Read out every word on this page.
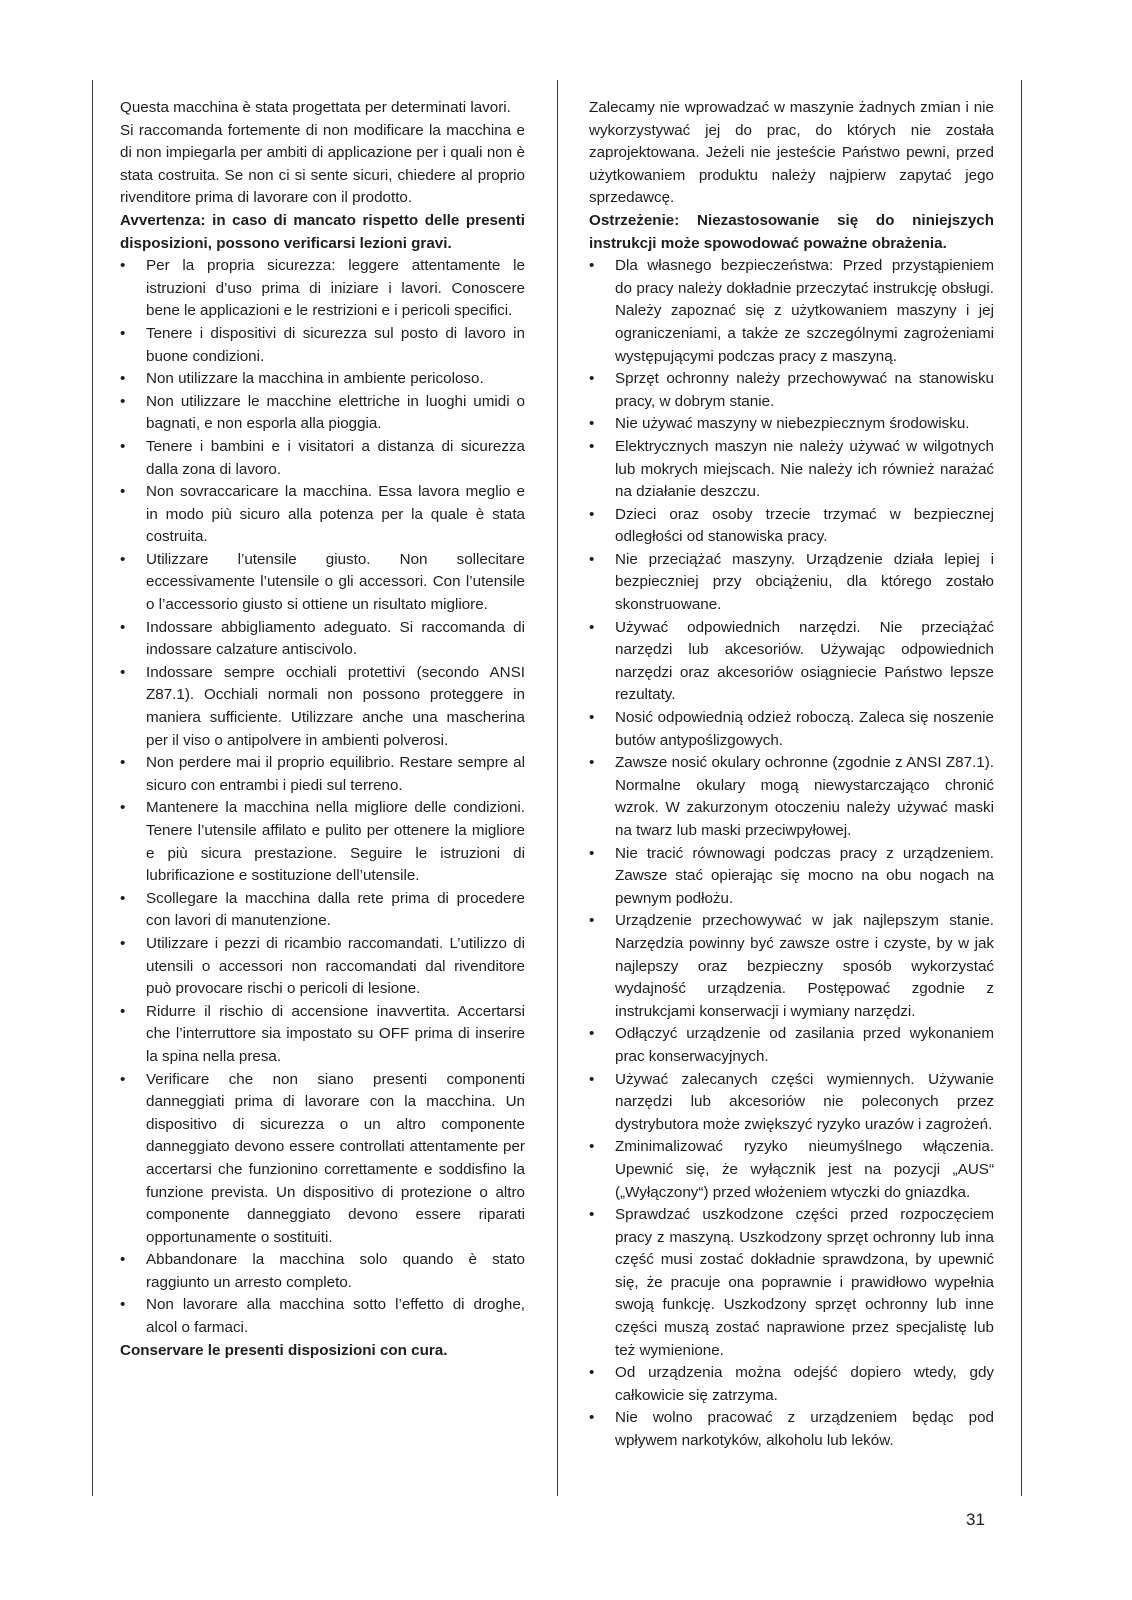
Questa macchina è stata progettata per determinati lavori.

Si raccomanda fortemente di non modificare la macchina e di non impiegarla per ambiti di applicazione per i quali non è stata costruita. Se non ci si sente sicuri, chiedere al proprio rivenditore prima di lavorare con il prodotto.

Avvertenza: in caso di mancato rispetto delle presenti disposizioni, possono verificarsi lezioni gravi.

• Per la propria sicurezza: leggere attentamente le istruzioni d’uso prima di iniziare i lavori. Conoscere bene le applicazioni e le restrizioni e i pericoli specifici.
• Tenere i dispositivi di sicurezza sul posto di lavoro in buone condizioni.
• Non utilizzare la macchina in ambiente pericoloso.
• Non utilizzare le macchine elettriche in luoghi umidi o bagnati, e non esporla alla pioggia.
• Tenere i bambini e i visitatori a distanza di sicurezza dalla zona di lavoro.
• Non sovraccaricare la macchina. Essa lavora meglio e in modo più sicuro alla potenza per la quale è stata costruita.
• Utilizzare l’utensile giusto. Non sollecitare eccessivamente l’utensile o gli accessori. Con l’utensile o l’accessorio giusto si ottiene un risultato migliore.
• Indossare abbigliamento adeguato. Si raccomanda di indossare calzature antiscivolo.
• Indossare sempre occhiali protettivi (secondo ANSI Z87.1). Occhiali normali non possono proteggere in maniera sufficiente. Utilizzare anche una mascherina per il viso o antipolvere in ambienti polverosi.
• Non perdere mai il proprio equilibrio. Restare sempre al sicuro con entrambi i piedi sul terreno.
• Mantenere la macchina nella migliore delle condizioni. Tenere l’utensile affilato e pulito per ottenere la migliore e più sicura prestazione. Seguire le istruzioni di lubrificazione e sostituzione dell’utensile.
• Scollegare la macchina dalla rete prima di procedere con lavori di manutenzione.
• Utilizzare i pezzi di ricambio raccomandati. L’utilizzo di utensili o accessori non raccomandati dal rivenditore può provocare rischi o pericoli di lesione.
• Ridurre il rischio di accensione inavvertita. Accertarsi che l’interruttore sia impostato su OFF prima di inserire la spina nella presa.
• Verificare che non siano presenti componenti danneggiati prima di lavorare con la macchina. Un dispositivo di sicurezza o un altro componente danneggiato devono essere controllati attentamente per accertarsi che funzionino correttamente e soddisfino la funzione prevista. Un dispositivo di protezione o altro componente danneggiato devono essere riparati opportunamente o sostituiti.
• Abbandonare la macchina solo quando è stato raggiunto un arresto completo.
• Non lavorare alla macchina sotto l’effetto di droghe, alcol o farmaci.

Conservare le presenti disposizioni con cura.

Zalecamy nie wprowadzać w maszynie żadnych zmian i nie wykorzystywać jej do prac, do których nie została zaprojektowana. Jeżeli nie jesteście Państwo pewni, przed użytkowaniem produktu należy najpierw zapytać jego sprzedawcę.

Ostrzeżenie: Niezastosowanie się do niniejszych instrukcji może spowodować poważne obrażenia.

• Dla własnego bezpieczeństwa: Przed przystąpieniem do pracy należy dokładnie przeczytać instrukcję obsługi. Należy zapoznać się z użytkowaniem maszyny i jej ograniczeniami, a także ze szczególnymi zagrożeniami występującymi podczas pracy z maszyną.
• Sprzęt ochronny należy przechowywać na stanowisku pracy, w dobrym stanie.
• Nie używać maszyny w niebezpiecznym środowisku.
• Elektrycznych maszyn nie należy używać w wilgotnych lub mokrych miejscach. Nie należy ich również narażać na działanie deszczu.
• Dzieci oraz osoby trzecie trzymać w bezpiecznej odległości od stanowiska pracy.
• Nie przeciążać maszyny. Urządzenie działa lepiej i bezpieczniej przy obciążeniu, dla którego zostało skonstruowane.
• Używać odpowiednich narzędzi. Nie przeciążać narzędzi lub akcesoriów. Używając odpowiednich narzędzi oraz akcesoriów osiągniecie Państwo lepsze rezultaty.
• Nosić odpowiednią odzież roboczą. Zaleca się noszenie butów antypoślizgowych.
• Zawsze nosić okulary ochronne (zgodnie z ANSI Z87.1). Normalne okulary mogą niewystarczająco chronić wzrok. W zakurzonym otoczeniu należy używać maski na twarz lub maski przeciwpyłowej.
• Nie tracić równowagi podczas pracy z urządzeniem. Zawsze stać opierając się mocno na obu nogach na pewnym podłożu.
• Urządzenie przechowywać w jak najlepszym stanie. Narzędzia powinny być zawsze ostre i czyste, by w jak najlepszy oraz bezpieczny sposób wykorzystać wydajność urządzenia. Postępować zgodnie z instrukcjami konserwacji i wymiany narzędzi.
• Odłączyć urządzenie od zasilania przed wykonaniem prac konserwacyjnych.
• Używać zalecanych części wymiennych. Używanie narzędzi lub akcesoriów nie poleconych przez dystrybutora może zwiększyć ryzyko urazów i zagrożeń.
• Zminimalizować ryzyko nieumyślnego włączenia. Upewnić się, że wyłącznik jest na pozycji „AUS“ („Wyłączony“) przed włożeniem wtyczki do gniazdka.
• Sprawdzać uszkodzone części przed rozpoczęciem pracy z maszyną. Uszkodzony sprzęt ochronny lub inna część musi zostać dokładnie sprawdzona, by upewnić się, że pracuje ona poprawnie i prawidłowo wypełnia swoją funkcję. Uszkodzony sprzęt ochronny lub inne części muszą zostać naprawione przez specjalistę lub też wymienione.
• Od urządzenia można odejść dopiero wtedy, gdy całkowicie się zatrzyma.
• Nie wolno pracować z urządzeniem będąc pod wpływem narkotyków, alkoholu lub leków.
31
